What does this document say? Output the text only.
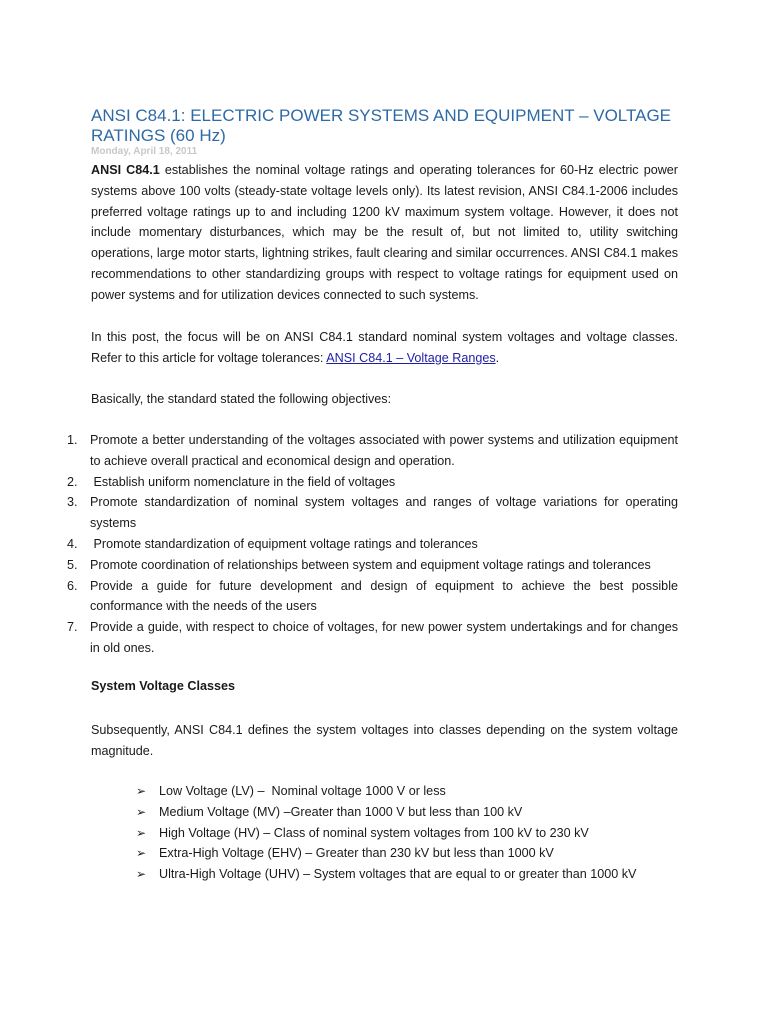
ANSI C84.1: ELECTRIC POWER SYSTEMS AND EQUIPMENT – VOLTAGE RATINGS (60 Hz)
Monday, April 18, 2011

ANSI C84.1 establishes the nominal voltage ratings and operating tolerances for 60-Hz electric power systems above 100 volts (steady-state voltage levels only). Its latest revision, ANSI C84.1-2006 includes preferred voltage ratings up to and including 1200 kV maximum system voltage. However, it does not include momentary disturbances, which may be the result of, but not limited to, utility switching operations, large motor starts, lightning strikes, fault clearing and similar occurrences. ANSI C84.1 makes recommendations to other standardizing groups with respect to voltage ratings for equipment used on power systems and for utilization devices connected to such systems.

In this post, the focus will be on ANSI C84.1 standard nominal system voltages and voltage classes. Refer to this article for voltage tolerances: ANSI C84.1 – Voltage Ranges.

Basically, the standard stated the following objectives:

1. Promote a better understanding of the voltages associated with power systems and utilization equipment to achieve overall practical and economical design and operation.
2. Establish uniform nomenclature in the field of voltages
3. Promote standardization of nominal system voltages and ranges of voltage variations for operating systems
4. Promote standardization of equipment voltage ratings and tolerances
5. Promote coordination of relationships between system and equipment voltage ratings and tolerances
6. Provide a guide for future development and design of equipment to achieve the best possible conformance with the needs of the users
7. Provide a guide, with respect to choice of voltages, for new power system undertakings and for changes in old ones.
System Voltage Classes

Subsequently, ANSI C84.1 defines the system voltages into classes depending on the system voltage magnitude.

➢ Low Voltage (LV) –  Nominal voltage 1000 V or less
➢ Medium Voltage (MV) –Greater than 1000 V but less than 100 kV
➢ High Voltage (HV) – Class of nominal system voltages from 100 kV to 230 kV
➢ Extra-High Voltage (EHV) – Greater than 230 kV but less than 1000 kV
➢ Ultra-High Voltage (UHV) – System voltages that are equal to or greater than 1000 kV
